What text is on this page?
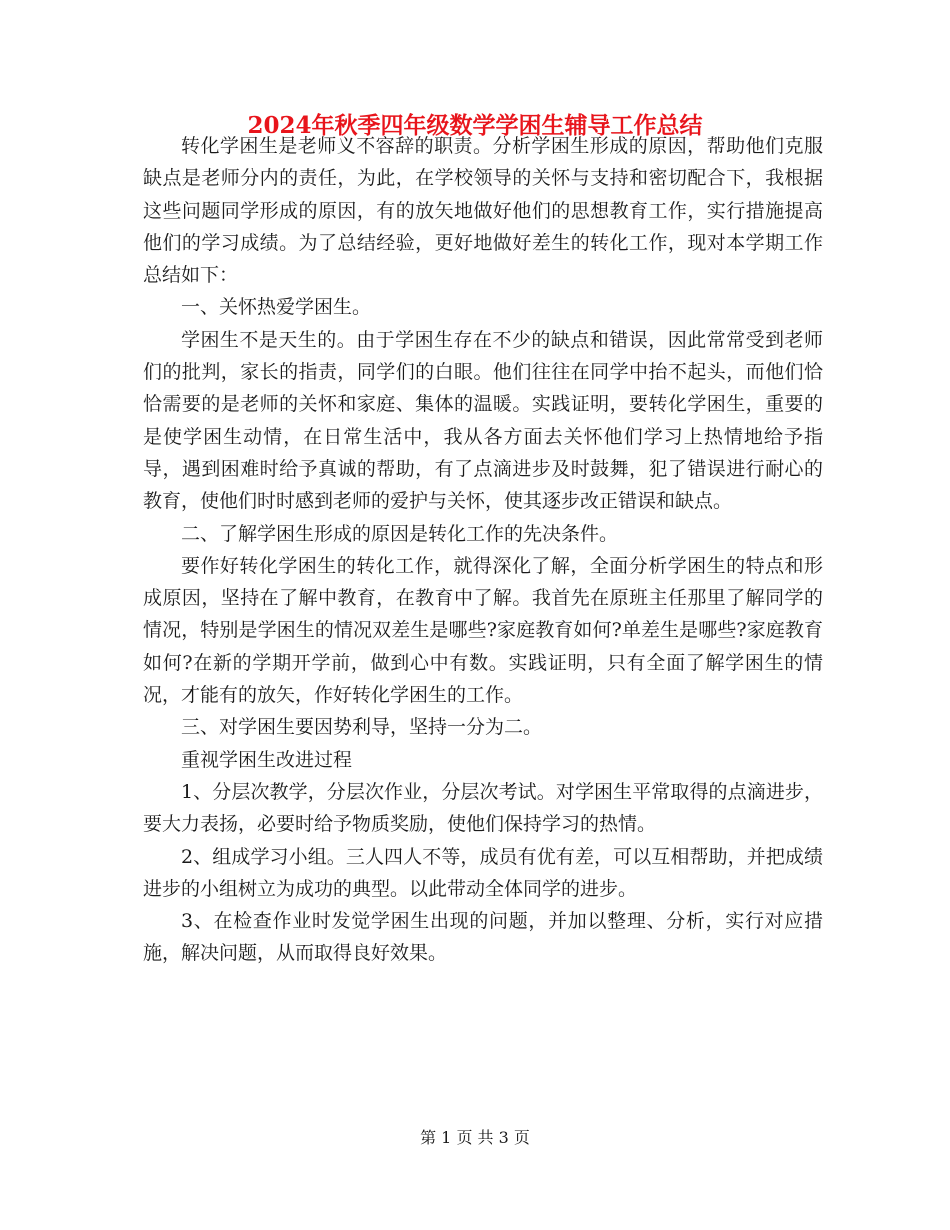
2024年秋季四年级数学学困生辅导工作总结

转化学困生是老师义不容辞的职责。分析学困生形成的原因，帮助他们克服缺点是老师分内的责任，为此，在学校领导的关怀与支持和密切配合下，我根据这些问题同学形成的原因，有的放矢地做好他们的思想教育工作，实行措施提高他们的学习成绩。为了总结经验，更好地做好差生的转化工作，现对本学期工作总结如下：

一、关怀热爱学困生。

学困生不是天生的。由于学困生存在不少的缺点和错误，因此常常受到老师们的批判，家长的指责，同学们的白眼。他们往往在同学中抬不起头，而他们恰恰需要的是老师的关怀和家庭、集体的温暖。实践证明，要转化学困生，重要的是使学困生动情，在日常生活中，我从各方面去关怀他们学习上热情地给予指导，遇到困难时给予真诚的帮助，有了点滴进步及时鼓舞，犯了错误进行耐心的教育，使他们时时感到老师的爱护与关怀，使其逐步改正错误和缺点。

二、了解学困生形成的原因是转化工作的先决条件。

要作好转化学困生的转化工作，就得深化了解，全面分析学困生的特点和形成原因，坚持在了解中教育，在教育中了解。我首先在原班主任那里了解同学的情况，特别是学困生的情况双差生是哪些?家庭教育如何?单差生是哪些?家庭教育如何?在新的学期开学前，做到心中有数。实践证明，只有全面了解学困生的情况，才能有的放矢，作好转化学困生的工作。

三、对学困生要因势利导，坚持一分为二。

重视学困生改进过程

1、分层次教学，分层次作业，分层次考试。对学困生平常取得的点滴进步，要大力表扬，必要时给予物质奖励，使他们保持学习的热情。

2、组成学习小组。三人四人不等，成员有优有差，可以互相帮助，并把成绩进步的小组树立为成功的典型。以此带动全体同学的进步。

3、在检查作业时发觉学困生出现的问题，并加以整理、分析，实行对应措施，解决问题，从而取得良好效果。

第 1 页 共 3 页
